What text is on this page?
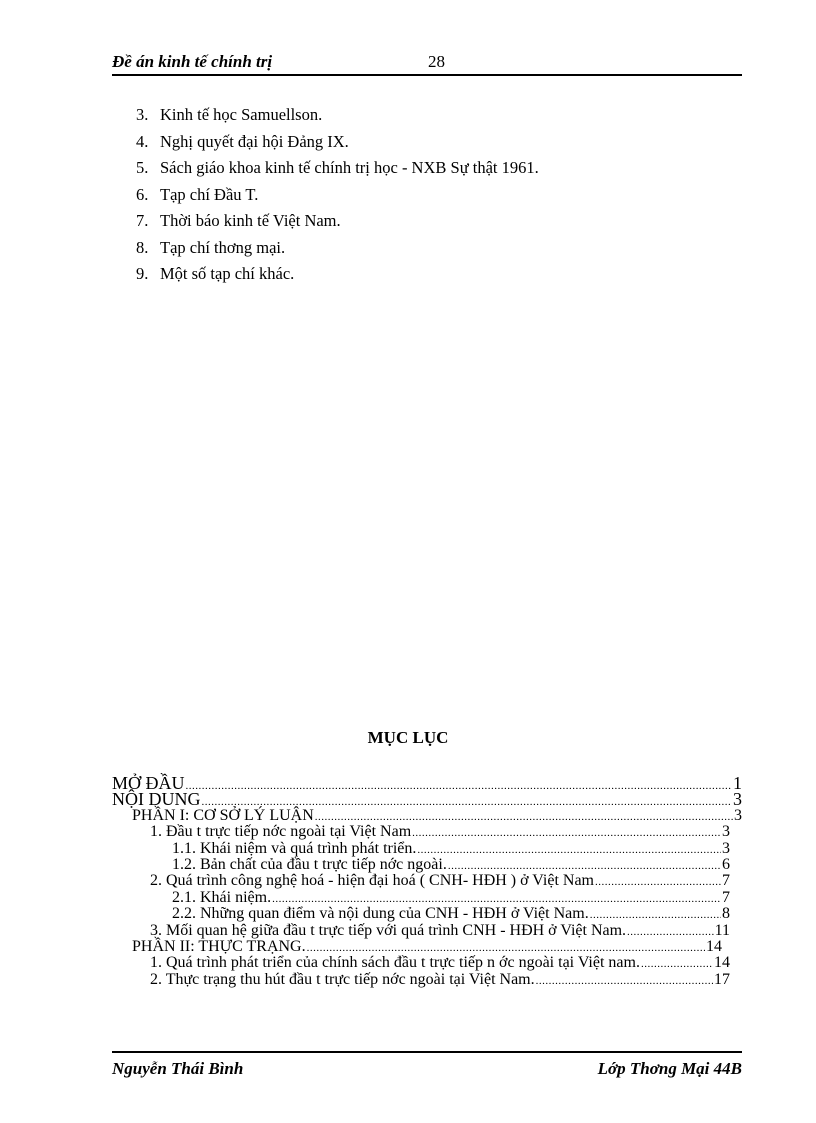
Đề án kinh tế chính trị	28
3. Kinh tế học Samuellson.
4. Nghị quyết đại hội Đảng IX.
5. Sách giáo khoa kinh tế chính trị học - NXB Sự thật 1961.
6. Tạp chí Đầu T.
7. Thời báo kinh tế Việt Nam.
8. Tạp chí thơng mại.
9. Một số tạp chí khác.
MỤC LỤC
MỞ ĐẦU .....	1
NỘI DUNG .....	3
PHẦN I: CƠ SỞ LÝ LUẬN .....	3
1. Đầu t trực tiếp nớc ngoài tại Việt Nam .....	3
1.1. Khái niệm và quá trình phát triển. .....	3
1.2. Bản chất của đầu t trực tiếp nớc ngoài. .....	6
2. Quá trình công nghệ hoá - hiện đại hoá ( CNH- HĐH ) ở Việt Nam .....	7
2.1. Khái niệm. .....	7
2.2. Những quan điểm và nội dung của CNH - HĐH ở Việt Nam. .....	8
3. Mối quan hệ giữa đầu t trực tiếp với quá trình CNH - HĐH ở Việt Nam. .....	11
PHẦN II: THỰC TRẠNG. .....	14
1. Quá trình phát triển của chính sách đầu t trực tiếp n ớc ngoài tại Việt nam. .....	14
2. Thực trạng thu hút đầu t trực tiếp nớc ngoài tại Việt Nam. .....	17
Nguyễn Thái Bình	Lớp Thơng Mại 44B
